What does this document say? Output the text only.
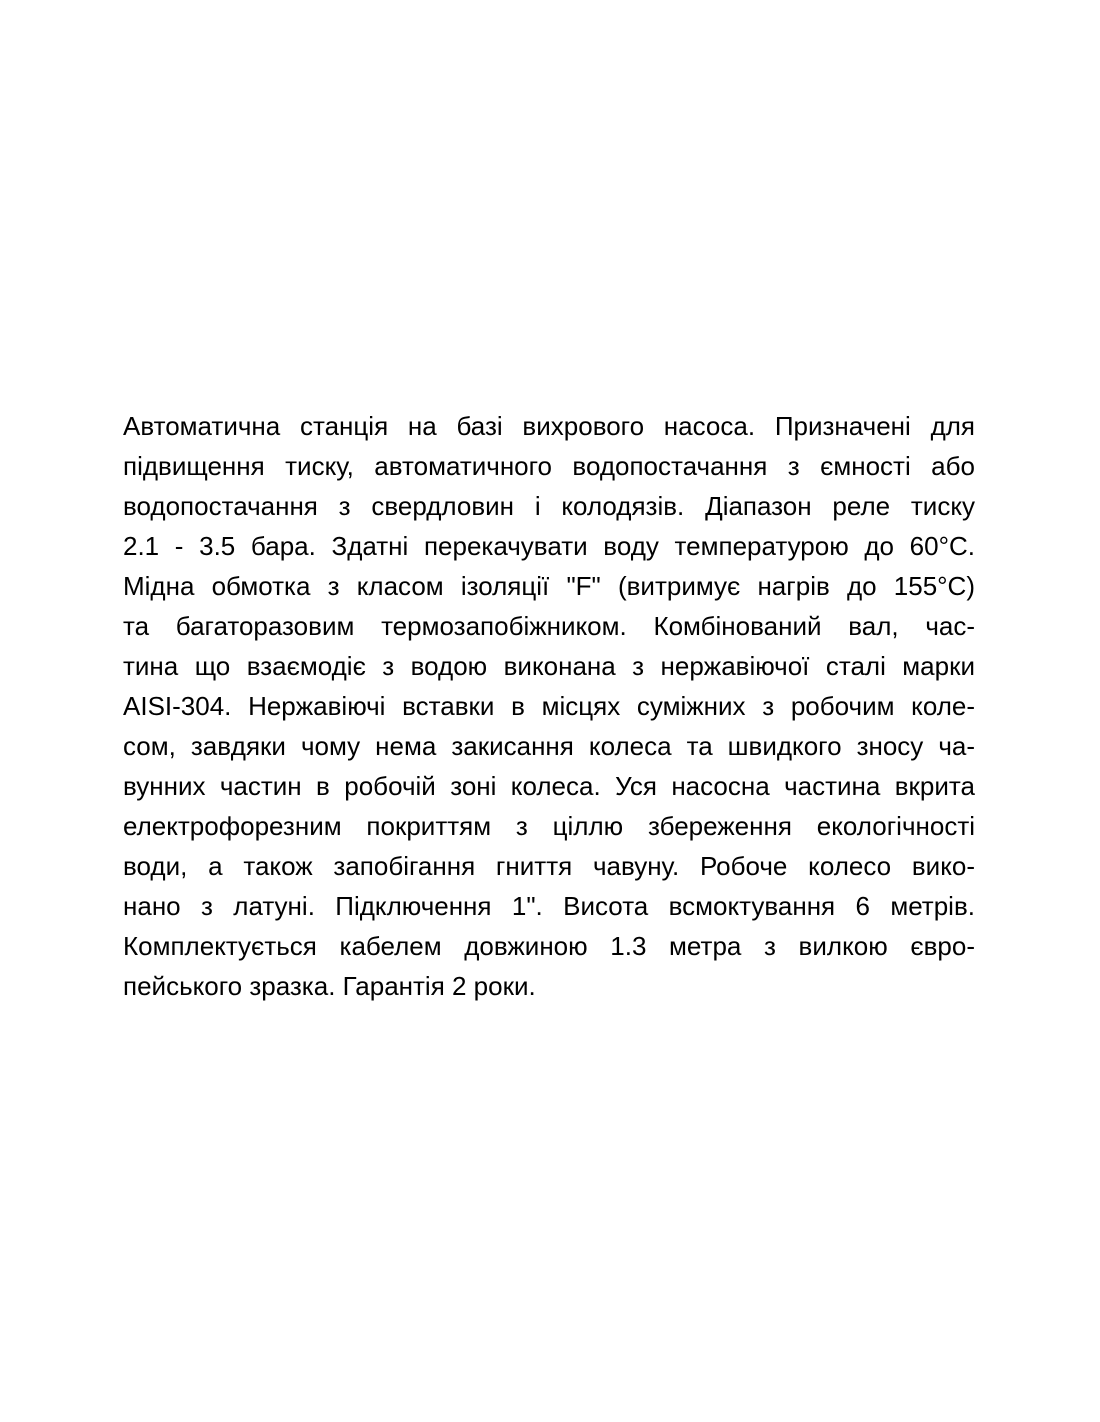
Автоматична станція на базі вихрового насоса. Призначені для
підвищення тиску, автоматичного водопостачання з ємності або
водопостачання з свердловин і колодязів. Діапазон реле тиску
2.1 - 3.5 бара. Здатні перекачувати воду температурою до 60°С.
Мідна обмотка з класом ізоляції "F" (витримує нагрів до 155°С)
та багаторазовим термозапобіжником. Комбінований вал, час-
тина що взаємодіє з водою виконана з нержавіючої сталі марки
AISI-304. Нержавіючі вставки в місцях суміжних з робочим коле-
сом, завдяки чому нема закисання колеса та швидкого зносу ча-
вунних частин в робочій зоні колеса. Уся насосна частина вкрита
електрофорезним покриттям з ціллю збереження екологічності
води, а також запобігання гниття чавуну. Робоче колесо вико-
нано з латуні. Підключення 1". Висота всмоктування 6 метрів.
Комплектується кабелем довжиною 1.3 метра з вилкою євро-
пейського зразка. Гарантія 2 роки.
